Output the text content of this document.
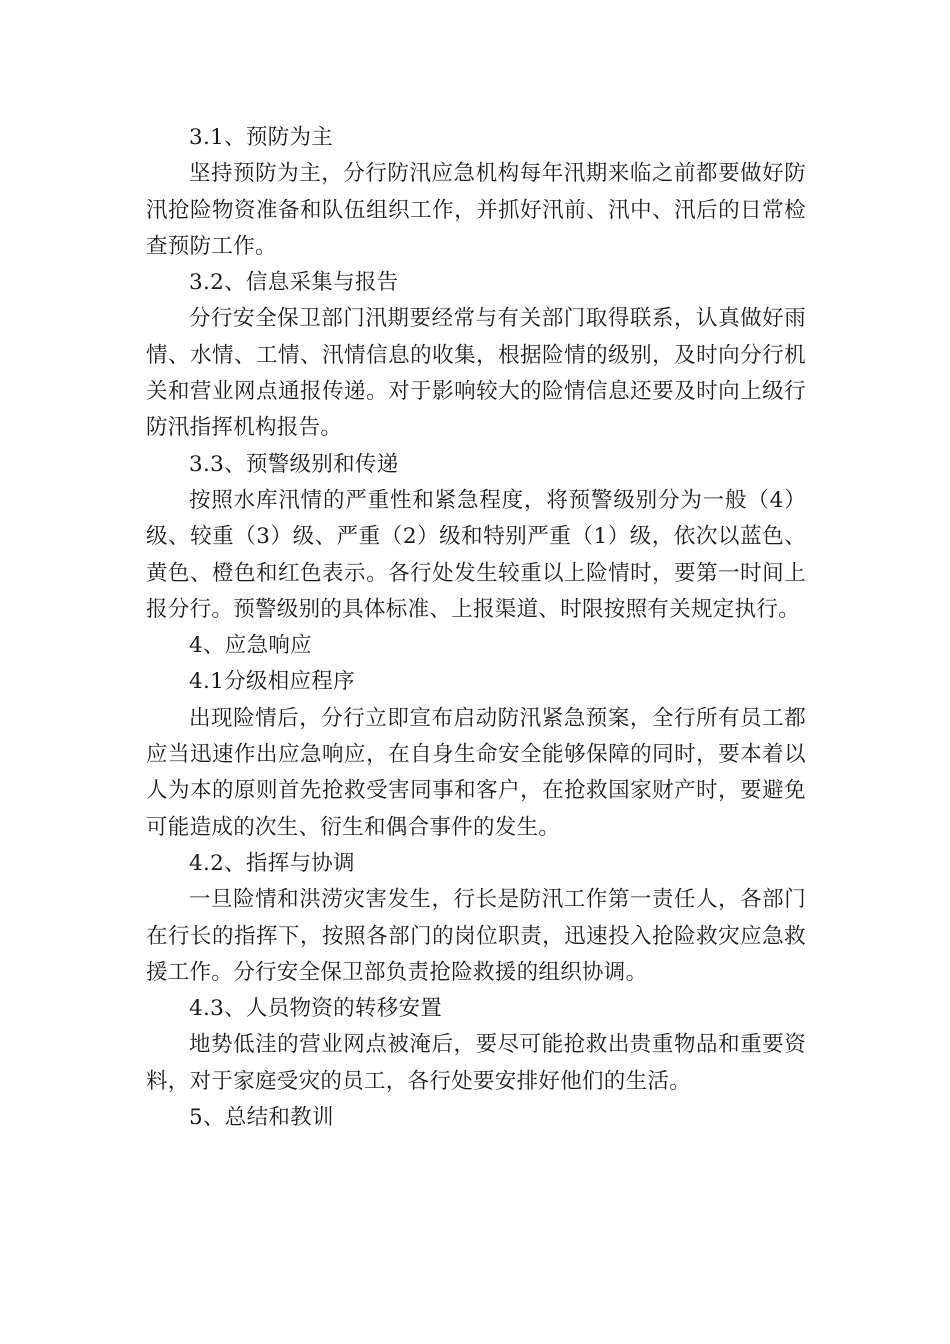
3.1、预防为主

坚持预防为主，分行防汛应急机构每年汛期来临之前都要做好防汛抢险物资准备和队伍组织工作，并抓好汛前、汛中、汛后的日常检查预防工作。

3.2、信息采集与报告

分行安全保卫部门汛期要经常与有关部门取得联系，认真做好雨情、水情、工情、汛情信息的收集，根据险情的级别，及时向分行机关和营业网点通报传递。对于影响较大的险情信息还要及时向上级行防汛指挥机构报告。

3.3、预警级别和传递

按照水库汛情的严重性和紧急程度，将预警级别分为一般（4）级、较重（3）级、严重（2）级和特别严重（1）级，依次以蓝色、黄色、橙色和红色表示。各行处发生较重以上险情时，要第一时间上报分行。预警级别的具体标准、上报渠道、时限按照有关规定执行。

4、应急响应

4.1分级相应程序

出现险情后，分行立即宣布启动防汛紧急预案，全行所有员工都应当迅速作出应急响应，在自身生命安全能够保障的同时，要本着以人为本的原则首先抢救受害同事和客户，在抢救国家财产时，要避免可能造成的次生、衍生和偶合事件的发生。

4.2、指挥与协调

一旦险情和洪涝灾害发生，行长是防汛工作第一责任人，各部门在行长的指挥下，按照各部门的岗位职责，迅速投入抢险救灾应急救援工作。分行安全保卫部负责抢险救援的组织协调。

4.3、人员物资的转移安置

地势低洼的营业网点被淹后，要尽可能抢救出贵重物品和重要资料，对于家庭受灾的员工，各行处要安排好他们的生活。

5、总结和教训
